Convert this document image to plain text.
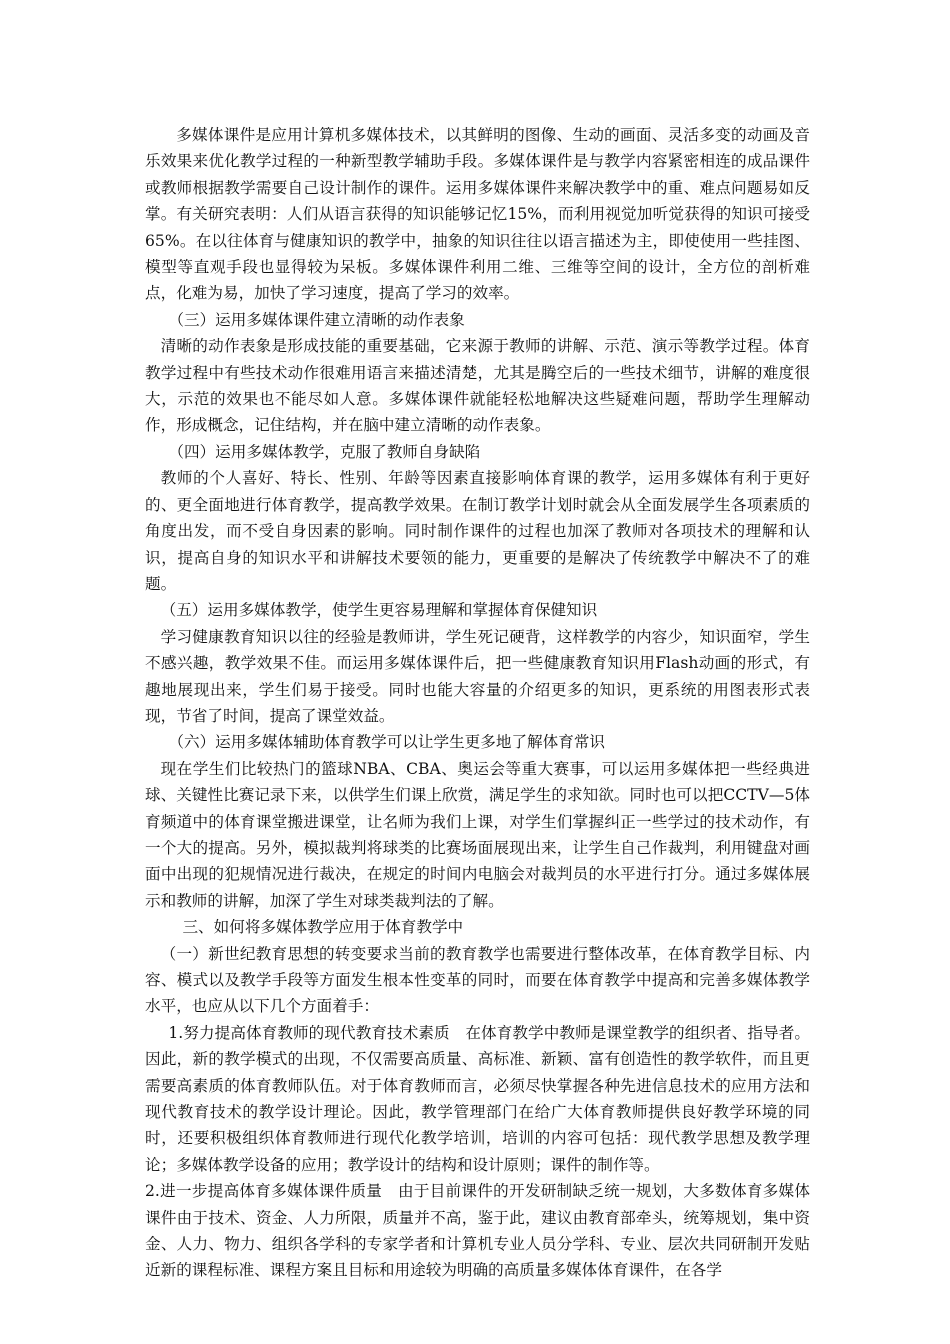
多媒体课件是应用计算机多媒体技术，以其鲜明的图像、生动的画面、灵活多变的动画及音乐效果来优化教学过程的一种新型教学辅助手段。多媒体课件是与教学内容紧密相连的成品课件或教师根据教学需要自己设计制作的课件。运用多媒体课件来解决教学中的重、难点问题易如反掌。有关研究表明：人们从语言获得的知识能够记忆15%，而利用视觉加听觉获得的知识可接受65%。在以往体育与健康知识的教学中，抽象的知识往往以语言描述为主，即使使用一些挂图、模型等直观手段也显得较为呆板。多媒体课件利用二维、三维等空间的设计，全方位的剖析难点，化难为易，加快了学习速度，提高了学习的效率。

（三）运用多媒体课件建立清晰的动作表象

清晰的动作表象是形成技能的重要基础，它来源于教师的讲解、示范、演示等教学过程。体育教学过程中有些技术动作很难用语言来描述清楚，尤其是腾空后的一些技术细节，讲解的难度很大，示范的效果也不能尽如人意。多媒体课件就能轻松地解决这些疑难问题，帮助学生理解动作，形成概念，记住结构，并在脑中建立清晰的动作表象。

（四）运用多媒体教学，克服了教师自身缺陷

教师的个人喜好、特长、性别、年龄等因素直接影响体育课的教学，运用多媒体有利于更好的、更全面地进行体育教学，提高教学效果。在制订教学计划时就会从全面发展学生各项素质的角度出发，而不受自身因素的影响。同时制作课件的过程也加深了教师对各项技术的理解和认识，提高自身的知识水平和讲解技术要领的能力，更重要的是解决了传统教学中解决不了的难题。

（五）运用多媒体教学，使学生更容易理解和掌握体育保健知识

学习健康教育知识以往的经验是教师讲，学生死记硬背，这样教学的内容少，知识面窄，学生不感兴趣，教学效果不佳。而运用多媒体课件后，把一些健康教育知识用Flash动画的形式，有趣地展现出来，学生们易于接受。同时也能大容量的介绍更多的知识，更系统的用图表形式表现，节省了时间，提高了课堂效益。

（六）运用多媒体辅助体育教学可以让学生更多地了解体育常识

现在学生们比较热门的篮球NBA、CBA、奥运会等重大赛事，可以运用多媒体把一些经典进球、关键性比赛记录下来，以供学生们课上欣赏，满足学生的求知欲。同时也可以把CCTV—5体育频道中的体育课堂搬进课堂，让名师为我们上课，对学生们掌握纠正一些学过的技术动作，有一个大的提高。另外，模拟裁判将球类的比赛场面展现出来，让学生自己作裁判，利用键盘对画面中出现的犯规情况进行裁决，在规定的时间内电脑会对裁判员的水平进行打分。通过多媒体展示和教师的讲解，加深了学生对球类裁判法的了解。

三、如何将多媒体教学应用于体育教学中

（一）新世纪教育思想的转变要求当前的教育教学也需要进行整体改革，在体育教学目标、内容、模式以及教学手段等方面发生根本性变革的同时，而要在体育教学中提高和完善多媒体教学水平，也应从以下几个方面着手：

1.努力提高体育教师的现代教育技术素质　在体育教学中教师是课堂教学的组织者、指导者。因此，新的教学模式的出现，不仅需要高质量、高标准、新颖、富有创造性的教学软件，而且更需要高素质的体育教师队伍。对于体育教师而言，必须尽快掌握各种先进信息技术的应用方法和现代教育技术的教学设计理论。因此，教学管理部门在给广大体育教师提供良好教学环境的同时，还要积极组织体育教师进行现代化教学培训，培训的内容可包括：现代教学思想及教学理论；多媒体教学设备的应用；教学设计的结构和设计原则；课件的制作等。

2.进一步提高体育多媒体课件质量　由于目前课件的开发研制缺乏统一规划，大多数体育多媒体课件由于技术、资金、人力所限，质量并不高，鉴于此，建议由教育部牵头，统筹规划，集中资金、人力、物力、组织各学科的专家学者和计算机专业人员分学科、专业、层次共同研制开发贴近新的课程标准、课程方案且目标和用途较为明确的高质量多媒体体育课件，在各学
